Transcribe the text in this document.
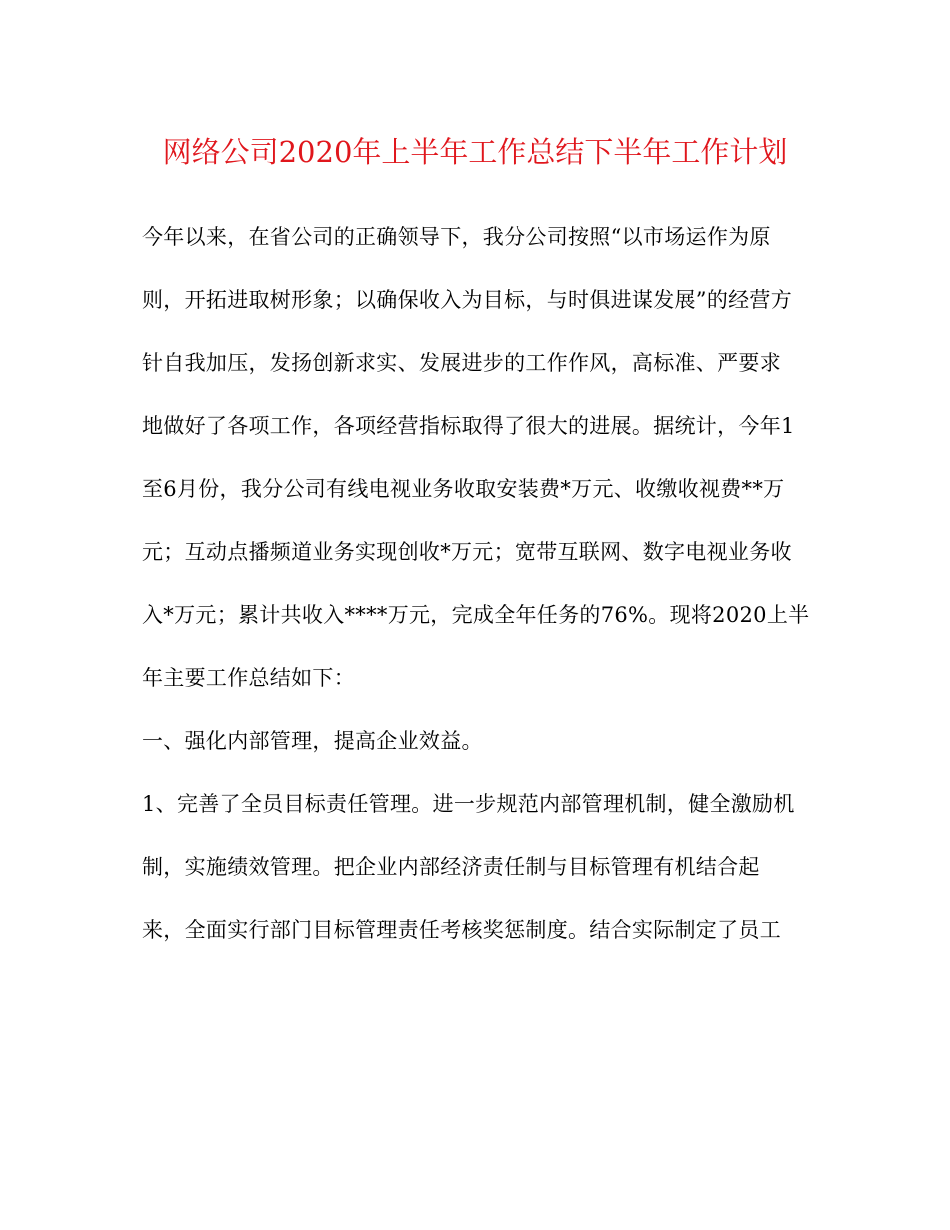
网络公司2020年上半年工作总结下半年工作计划
今年以来，在省公司的正确领导下，我分公司按照“以市场运作为原
则，开拓进取树形象；以确保收入为目标，与时俱进谋发展”的经营方
针自我加压，发扬创新求实、发展进步的工作作风，高标准、严要求
地做好了各项工作，各项经营指标取得了很大的进展。据统计，今年1
至6月份，我分公司有线电视业务收取安装费*万元、收缴收视费**万
元；互动点播频道业务实现创收*万元；宽带互联网、数字电视业务收
入*万元；累计共收入****万元，完成全年任务的76%。现将2020上半
年主要工作总结如下：
一、强化内部管理，提高企业效益。
1、完善了全员目标责任管理。进一步规范内部管理机制，健全激励机
制，实施绩效管理。把企业内部经济责任制与目标管理有机结合起
来，全面实行部门目标管理责任考核奖惩制度。结合实际制定了员工
